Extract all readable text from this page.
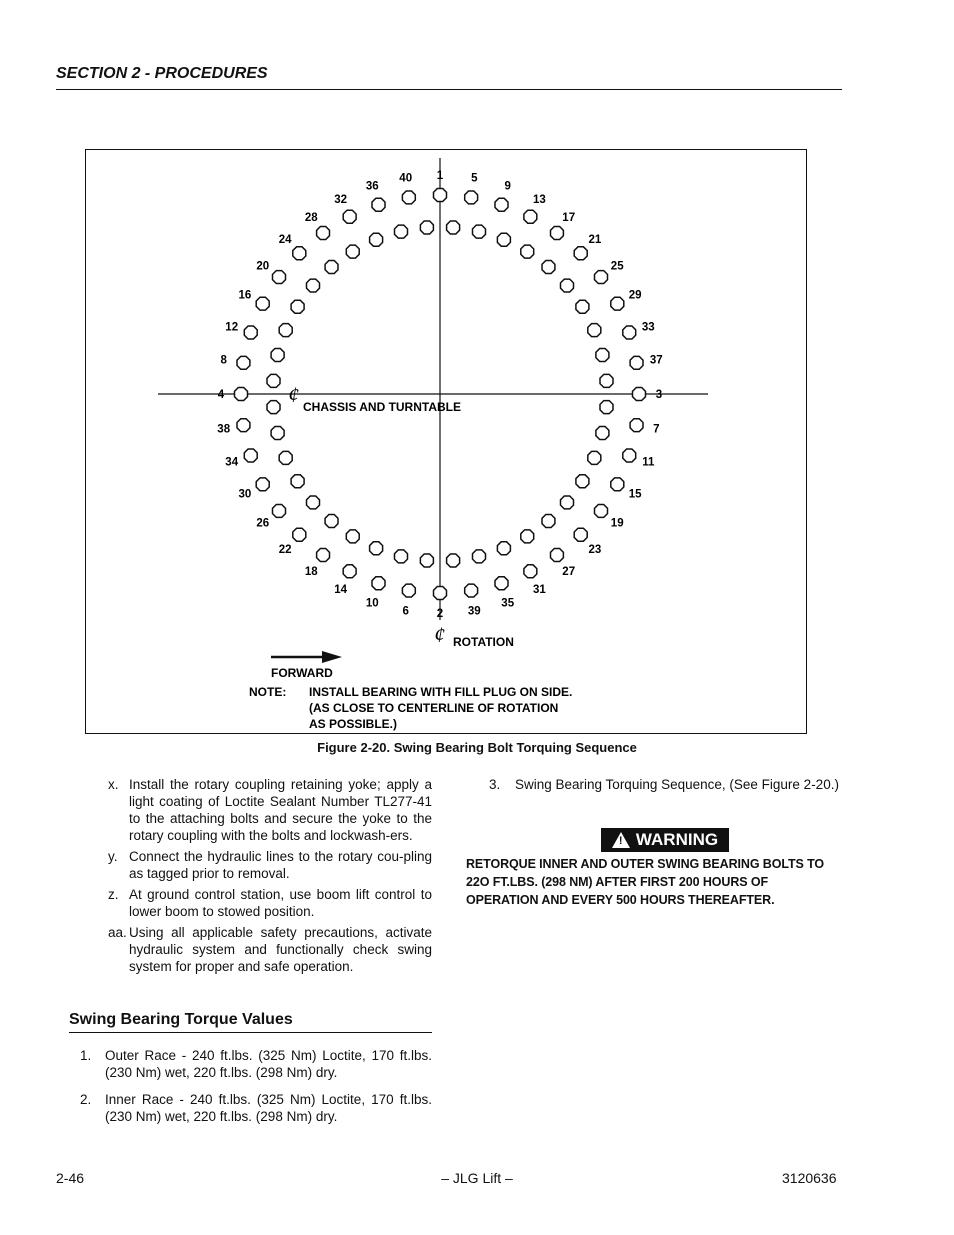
SECTION 2 - PROCEDURES
1 5
9
13
17
21
25
29
33
37
3
7
11
15
19
23
27
31
35
39
2
6
10
14
18
22
26
30
34
38
4
8
12
16
20
24
28
32
36
40
ȼ CHASSIS AND TURNTABLE
ȼ ROTATION
FORWARD
NOTE: INSTALL BEARING WITH FILL PLUG ON SIDE.
(AS CLOSE TO CENTERLINE OF ROTATION
AS POSSIBLE.)
Figure 2-20. Swing Bearing Bolt Torquing Sequence
x. Install the rotary coupling retaining yoke; apply a light coating of Loctite Sealant Number TL277-41 to the attaching bolts and secure the yoke to the rotary coupling with the bolts and lockwash-ers.
y. Connect the hydraulic lines to the rotary cou-pling as tagged prior to removal.
z. At ground control station, use boom lift control to lower boom to stowed position.
aa. Using all applicable safety precautions, activate hydraulic system and functionally check swing system for proper and safe operation.
Swing Bearing Torque Values
1. Outer Race - 240 ft.lbs. (325 Nm) Loctite, 170 ft.lbs. (230 Nm) wet, 220 ft.lbs. (298 Nm) dry.
2. Inner Race - 240 ft.lbs. (325 Nm) Loctite, 170 ft.lbs. (230 Nm) wet, 220 ft.lbs. (298 Nm) dry.
3. Swing Bearing Torquing Sequence, (See Figure 2-20.)
! WARNING
RETORQUE INNER AND OUTER SWING BEARING BOLTS TO 22O FT.LBS. (298 NM) AFTER FIRST 200 HOURS OF OPERATION AND EVERY 500 HOURS THEREAFTER.
2-46	– JLG Lift –	3120636
